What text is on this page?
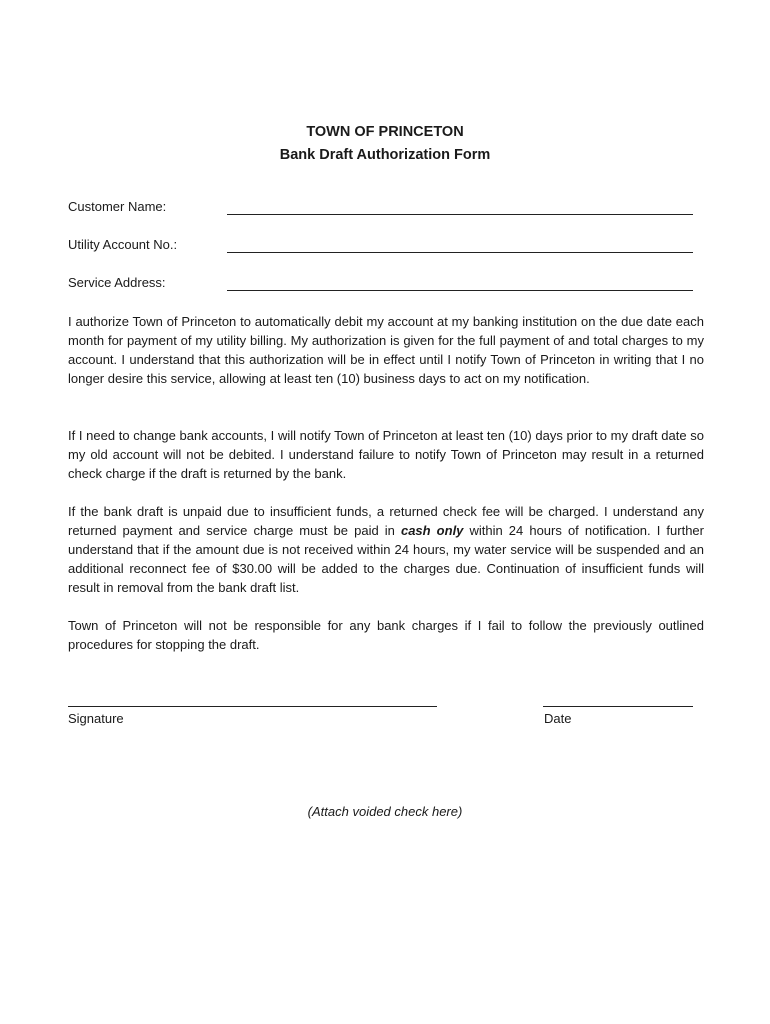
TOWN OF PRINCETON
Bank Draft Authorization Form
Customer Name:
Utility Account No.:
Service Address:
I authorize Town of Princeton to automatically debit my account at my banking institution on the due date each month for payment of my utility billing. My authorization is given for the full payment of and total charges to my account. I understand that this authorization will be in effect until I notify Town of Princeton in writing that I no longer desire this service, allowing at least ten (10) business days to act on my notification.
If I need to change bank accounts, I will notify Town of Princeton at least ten (10) days prior to my draft date so my old account will not be debited. I understand failure to notify Town of Princeton may result in a returned check charge if the draft is returned by the bank.
If the bank draft is unpaid due to insufficient funds, a returned check fee will be charged. I understand any returned payment and service charge must be paid in cash only within 24 hours of notification. I further understand that if the amount due is not received within 24 hours, my water service will be suspended and an additional reconnect fee of $30.00 will be added to the charges due. Continuation of insufficient funds will result in removal from the bank draft list.
Town of Princeton will not be responsible for any bank charges if I fail to follow the previously outlined procedures for stopping the draft.
Signature	Date
(Attach voided check here)
